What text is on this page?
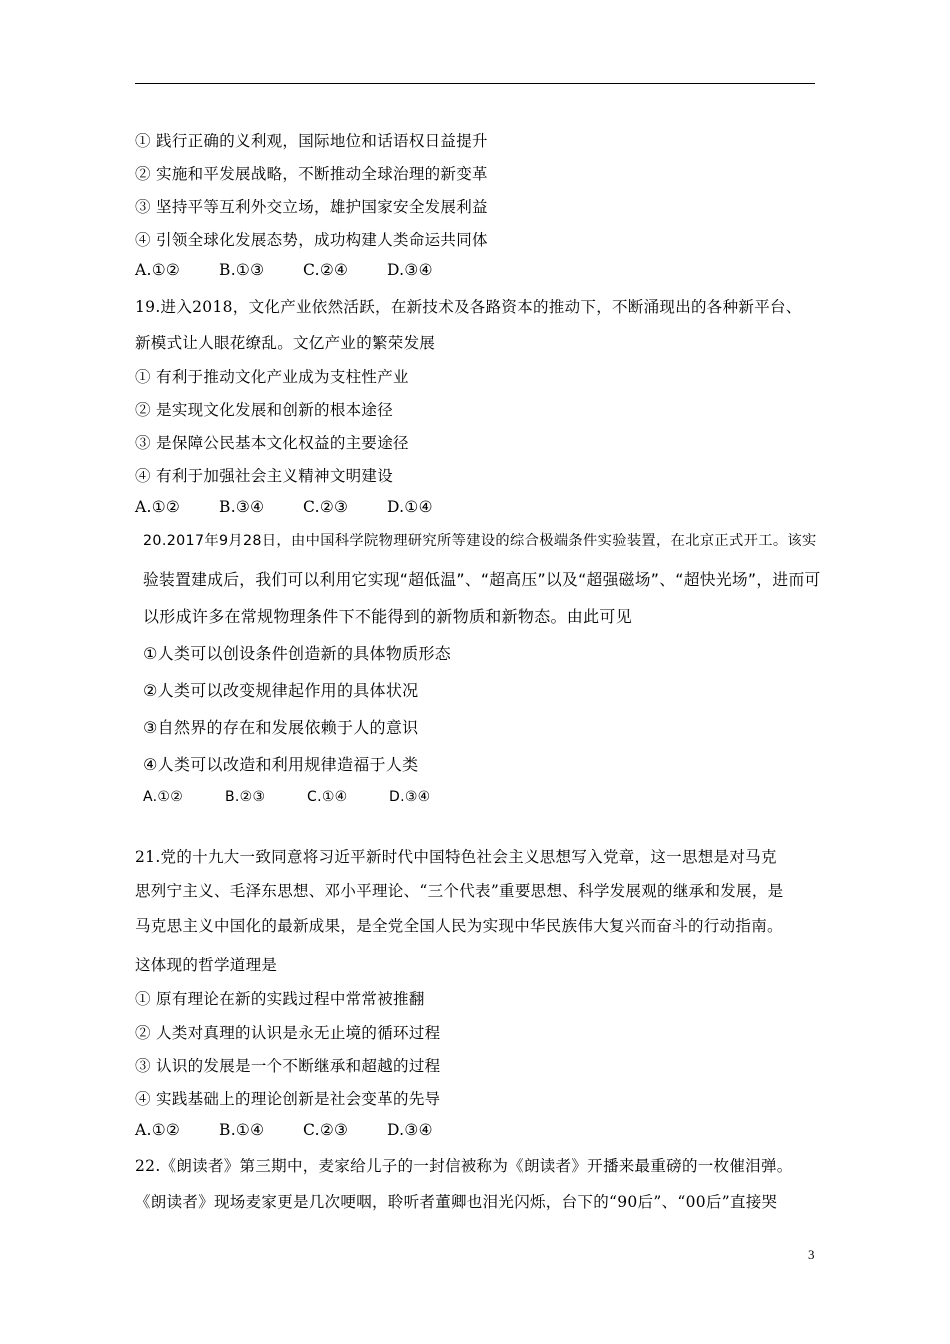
① 践行正确的义利观，国际地位和话语权日益提升
② 实施和平发展战略，不断推动全球治理的新变革
③ 坚持平等互利外交立场，雄护国家安全发展利益
④ 引领全球化发展态势，成功构建人类命运共同体
A.①②	B.①③ C.②④	D.③④
19.进入2018，文化产业依然活跃，在新技术及各路资本的推动下，不断涌现出的各种新平台、
新模式让人眼花缭乱。文亿产业的繁荣发展
① 有利于推动文化产业成为支柱性产业
② 是实现文化发展和创新的根本途径
③ 是保障公民基本文化权益的主要途径
④ 有利于加强社会主义精神文明建设
A.①②	B.③④ C.②③	D.①④
20.2017年9月28日，由中国科学院物理研究所等建设的综合极端条件实验装置，在北京正式开工。该实
验装置建成后，我们可以利用它实现“超低温”、“超高压”以及“超强磁场”、“超快光场”，进而可
以形成许多在常规物理条件下不能得到的新物质和新物态。由此可见
①人类可以创设条件创造新的具体物质形态
②人类可以改变规律起作用的具体状况
③自然界的存在和发展依赖于人的意识
④人类可以改造和利用规律造福于人类
A.①②	B.②③	C.①④	D.③④
21.党的十九大一致同意将习近平新时代中国特色社会主义思想写入党章，这一思想是对马克
思列宁主义、毛泽东思想、邓小平理论、“三个代表”重要思想、科学发展观的继承和发展，是
马克思主义中国化的最新成果，是全党全国人民为实现中华民族伟大复兴而奋斗的行动指南。
这体现的哲学道理是
① 原有理论在新的实践过程中常常被推翻
② 人类对真理的认识是永无止境的循环过程
③ 认识的发展是一个不断继承和超越的过程
④ 实践基础上的理论创新是社会变革的先导
A.①②	B.①④ C.②③	D.③④
22.《朗读者》第三期中，麦家给儿子的一封信被称为《朗读者》开播来最重磅的一枚催泪弹。
《朗读者》现场麦家更是几次哽咽，聆听者董卿也泪光闪烁，台下的“90后”、“00后”直接哭
3
